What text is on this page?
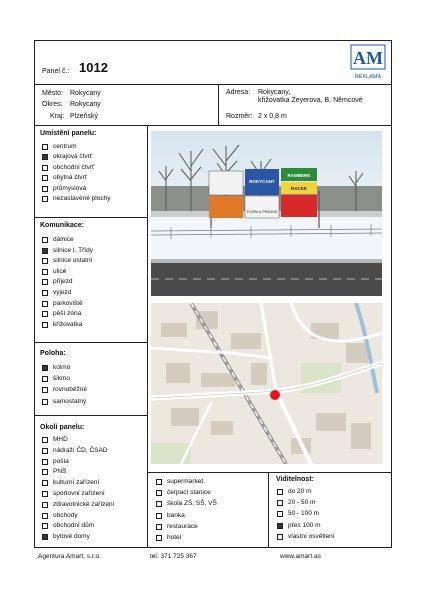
Panel č.: 1012	AM
REKLAMA
Město: Rokycany
Okres: Rokycany
Kraj: Plzeňský
Adresa: Rokycany,
křižovatka Zeyerova, B. Němcové
Rozměr: 2 x 0,8 m
Umístění panelu:
Komunikace:
Poloha:
Okolí panelu:
Viditelnost:
centrum
okrajová čtvrť
obchodní čtvrť
obytná čtvrť
průmyslová
nezastavěné plochy
dálnice
silnice I. Třídy
silnice ostatní
ulice
příjezd
výjezd
parkoviště
pěší zóna
křižovatka
kolmo
šikmo
rovnoběžně
samostatný
MHD
nádraží ČD, ČSAD
pošta
PNS
kulturní zařízení
sportovní zařízení
zdravotnické zařízení
obchody
obchodní dům
bytové domy
supermarket
čerpací stanice
škola ZŠ, SŠ, VŠ
banka
restaurace
hotel
do 20 m
20 - 50 m
50 - 100 m
přes 100 m
vlastní osvětlení
ROKYCANY
RAMBERK
RACEK
FLORA & PRAGUE
Agentura Amart, s.r.o.	tel. 371 725 367	www.amart.as
